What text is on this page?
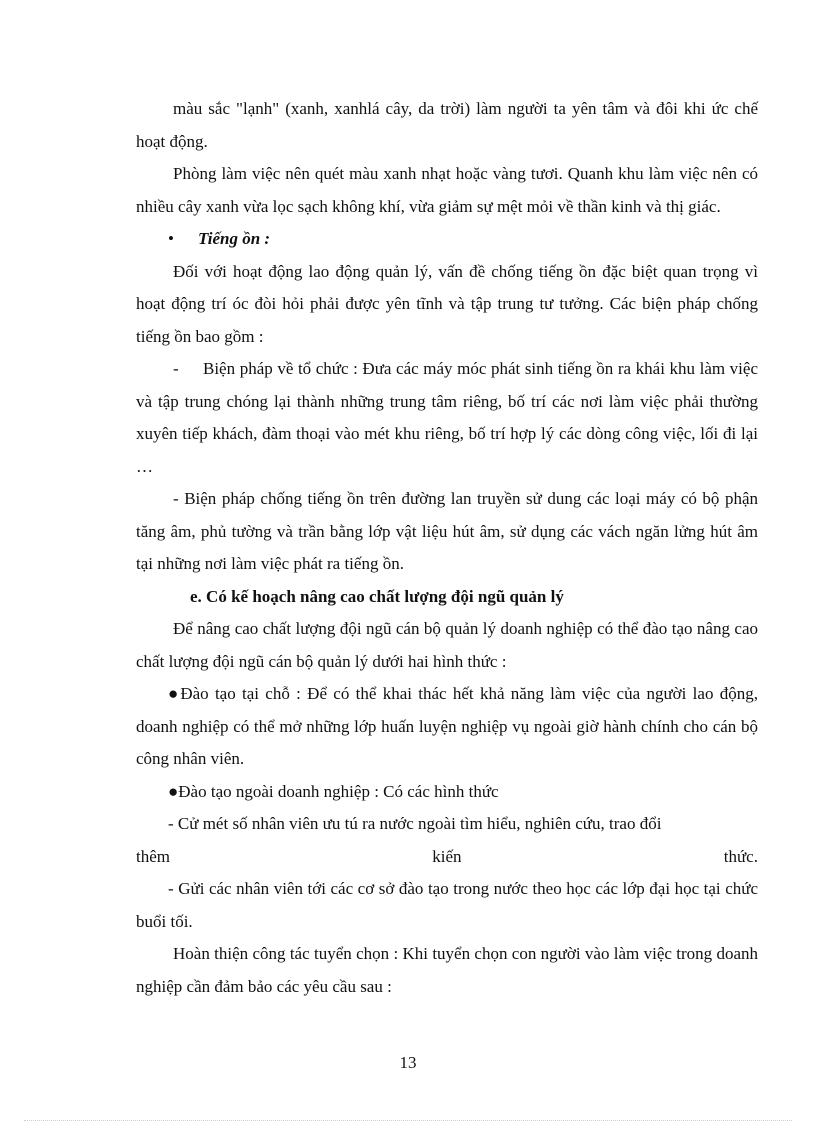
màu sắc "lạnh" (xanh, xanhlá cây, da trời) làm người ta yên tâm và đôi khi ức chế hoạt động.

Phòng làm việc nên quét màu xanh nhạt hoặc vàng tươi. Quanh khu làm việc nên có nhiều cây xanh vừa lọc sạch không khí, vừa giảm sự mệt mỏi về thần kinh và thị giác.

• Tiếng ồn :

Đối với hoạt động lao động quản lý, vấn đề chống tiếng ồn đặc biệt quan trọng vì hoạt động trí óc đòi hỏi phải được yên tĩnh và tập trung tư tưởng. Các biện pháp chống tiếng ồn bao gồm :

- Biện pháp về tổ chức : Đưa các máy móc phát sinh tiếng ồn ra khái khu làm việc và tập trung chóng lại thành những trung tâm riêng, bố trí các nơi làm việc phải thường xuyên tiếp khách, đàm thoại vào mét khu riêng, bố trí hợp lý các dòng công việc, lối đi lại …

- Biện pháp chống tiếng ồn trên đường lan truyền sử dung các loại máy có bộ phận tăng âm, phủ tường và trần bằng lớp vật liệu hút âm, sử dụng các vách ngăn lửng hút âm tại những nơi làm việc phát ra tiếng ồn.

e. Có kế hoạch nâng cao chất lượng đội ngũ quản lý

Để nâng cao chất lượng đội ngũ cán bộ quản lý doanh nghiệp có thể đào tạo nâng cao chất lượng đội ngũ cán bộ quản lý dưới hai hình thức :

●Đào tạo tại chỗ : Để có thể khai thác hết khả năng làm việc của người lao động, doanh nghiệp có thể mở những lớp huấn luyện nghiệp vụ ngoài giờ hành chính cho cán bộ công nhân viên.

●Đào tạo ngoài doanh nghiệp : Có các hình thức

- Cử mét số nhân viên ưu tú ra nước ngoài tìm hiểu, nghiên cứu, trao đổi

thêm	kiến	thức.

- Gửi các nhân viên tới các cơ sở đào tạo trong nước theo học các lớp đại học tại chức buổi tối.

Hoàn thiện công tác tuyển chọn : Khi tuyển chọn con người vào làm việc trong doanh nghiệp cần đảm bảo các yêu cầu sau :

13
